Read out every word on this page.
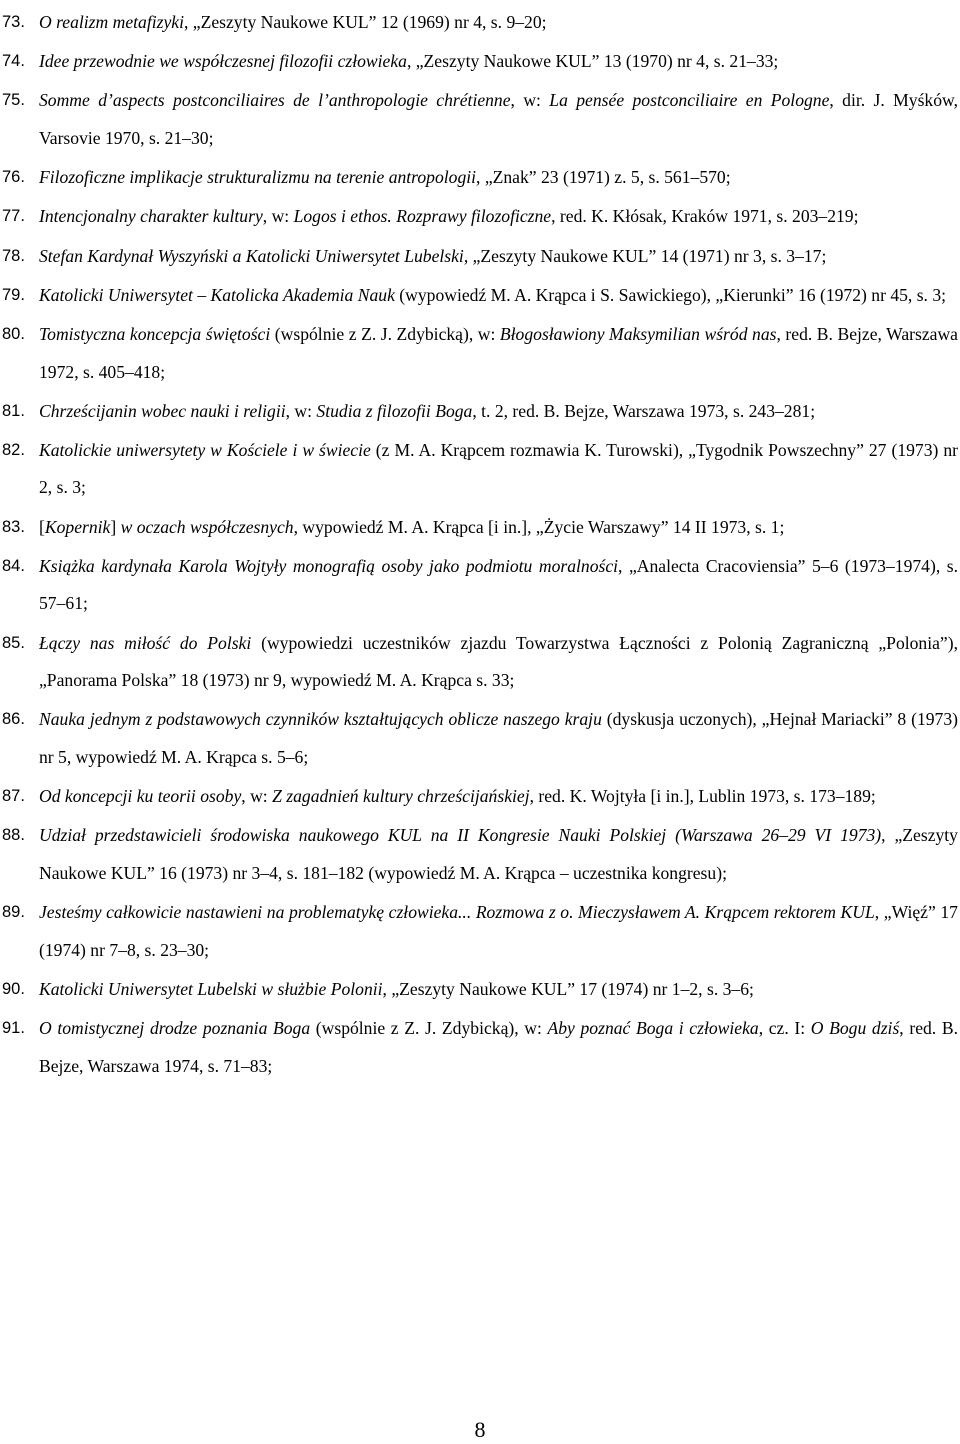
73. O realizm metafizyki, „Zeszyty Naukowe KUL” 12 (1969) nr 4, s. 9–20;
74. Idee przewodnie we współczesnej filozofii człowieka, „Zeszyty Naukowe KUL” 13 (1970) nr 4, s. 21–33;
75. Somme d’aspects postconciliaires de l’anthropologie chrétienne, w: La pensée postconciliaire en Pologne, dir. J. Myśków, Varsovie 1970, s. 21–30;
76. Filozoficzne implikacje strukturalizmu na terenie antropologii, „Znak” 23 (1971) z. 5, s. 561–570;
77. Intencjonalny charakter kultury, w: Logos i ethos. Rozprawy filozoficzne, red. K. Kłósak, Kraków 1971, s. 203–219;
78. Stefan Kardynał Wyszyński a Katolicki Uniwersytet Lubelski, „Zeszyty Naukowe KUL” 14 (1971) nr 3, s. 3–17;
79. Katolicki Uniwersytet – Katolicka Akademia Nauk (wypowiedź M. A. Krąpca i S. Sawickiego), „Kierunki” 16 (1972) nr 45, s. 3;
80. Tomistyczna koncepcja świętości (wspólnie z Z. J. Zdybicką), w: Błogosławiony Maksymilian wśród nas, red. B. Bejze, Warszawa 1972, s. 405–418;
81. Chrześcijanin wobec nauki i religii, w: Studia z filozofii Boga, t. 2, red. B. Bejze, Warszawa 1973, s. 243–281;
82. Katolickie uniwersytety w Kościele i w świecie (z M. A. Krąpcem rozmawia K. Turowski), „Tygodnik Powszechny” 27 (1973) nr 2, s. 3;
83. [Kopernik] w oczach współczesnych, wypowiedź M. A. Krąpca [i in.], „Życie Warszawy” 14 II 1973, s. 1;
84. Książka kardynała Karola Wojtyły monografią osoby jako podmiotu moralności, „Analecta Cracoviensia” 5–6 (1973–1974), s. 57–61;
85. Łączy nas miłość do Polski (wypowiedzi uczestników zjazdu Towarzystwa Łączności z Polonią Zagraniczną „Polonia”), „Panorama Polska” 18 (1973) nr 9, wypowiedź M. A. Krąpca s. 33;
86. Nauka jednym z podstawowych czynników kształtujących oblicze naszego kraju (dyskusja uczonych), „Hejnał Mariacki” 8 (1973) nr 5, wypowiedź M. A. Krąpca s. 5–6;
87. Od koncepcji ku teorii osoby, w: Z zagadnień kultury chrześcijańskiej, red. K. Wojtyła [i in.], Lublin 1973, s. 173–189;
88. Udział przedstawicieli środowiska naukowego KUL na II Kongresie Nauki Polskiej (Warszawa 26–29 VI 1973), „Zeszyty Naukowe KUL” 16 (1973) nr 3–4, s. 181–182 (wypowiedź M. A. Krąpca – uczestnika kongresu);
89. Jesteśmy całkowicie nastawieni na problematykę człowieka... Rozmowa z o. Mieczysławem A. Krąpcem rektorem KUL, „Więź” 17 (1974) nr 7–8, s. 23–30;
90. Katolicki Uniwersytet Lubelski w służbie Polonii, „Zeszyty Naukowe KUL” 17 (1974) nr 1–2, s. 3–6;
91. O tomistycznej drodze poznania Boga (wspólnie z Z. J. Zdybicką), w: Aby poznać Boga i człowieka, cz. I: O Bogu dziś, red. B. Bejze, Warszawa 1974, s. 71–83;
8
